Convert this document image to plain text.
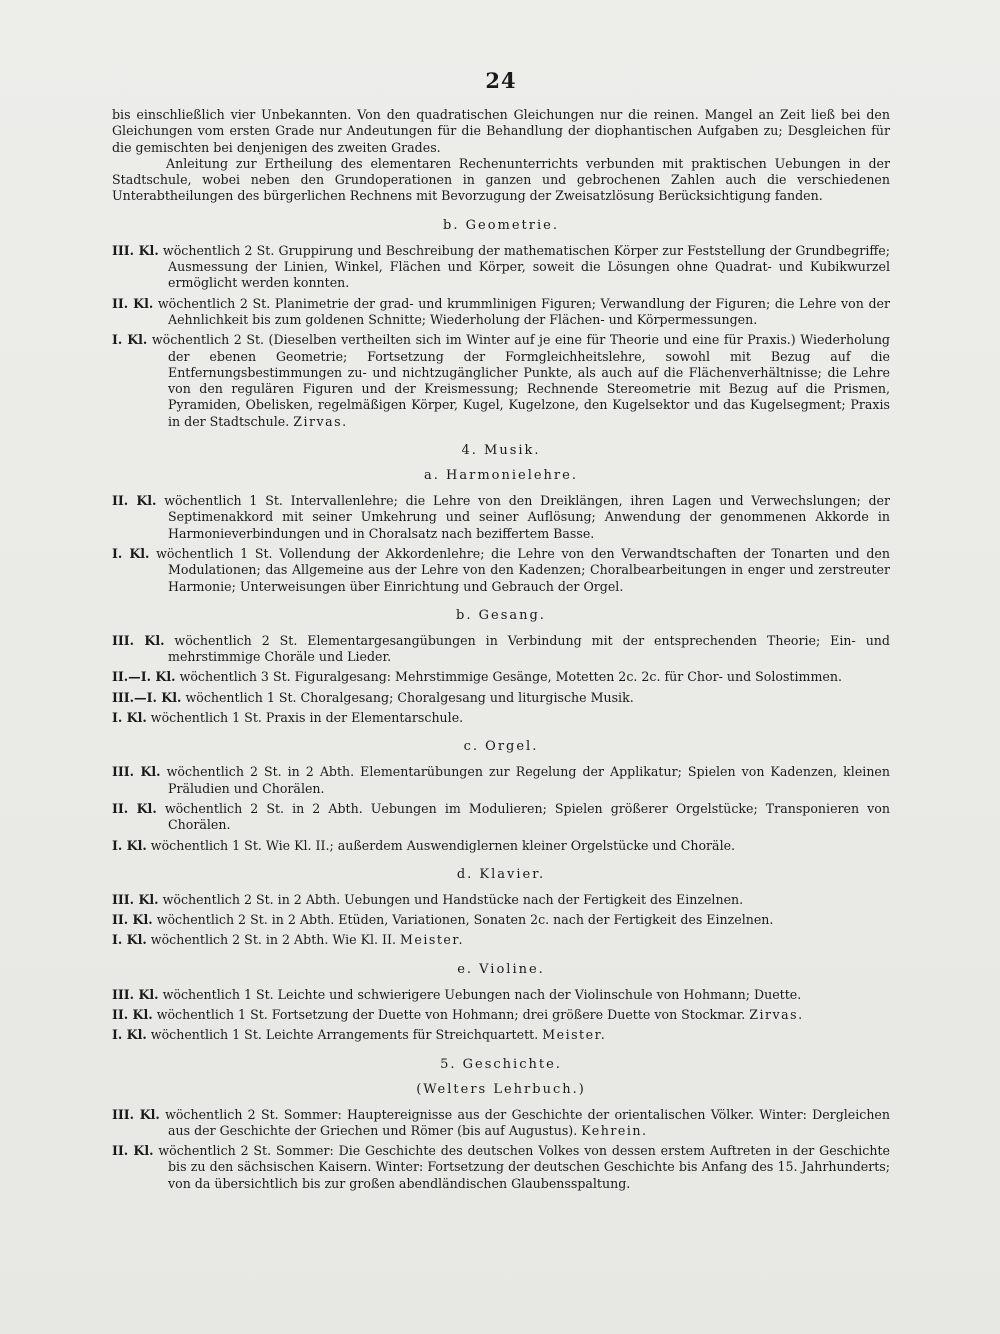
24

bis einschließlich vier Unbekannten. Von den quadratischen Gleichungen nur die reinen. Mangel an Zeit ließ bei den Gleichungen vom ersten Grade nur Andeutungen für die Behandlung der diophantischen Aufgaben zu; Desgleichen für die gemischten bei denjenigen des zweiten Grades.

Anleitung zur Ertheilung des elementaren Rechenunterrichts verbunden mit praktischen Uebungen in der Stadtschule, wobei neben den Grundoperationen in ganzen und gebrochenen Zahlen auch die verschiedenen Unterabtheilungen des bürgerlichen Rechnens mit Bevorzugung der Zweisatzlösung Berücksichtigung fanden.

b. Geometrie.

III. Kl. wöchentlich 2 St. Gruppirung und Beschreibung der mathematischen Körper zur Feststellung der Grundbegriffe; Ausmessung der Linien, Winkel, Flächen und Körper, soweit die Lösungen ohne Quadrat- und Kubikwurzel ermöglicht werden konnten.

II. Kl. wöchentlich 2 St. Planimetrie der grad- und krummlinigen Figuren; Verwandlung der Figuren; die Lehre von der Aehnlichkeit bis zum goldenen Schnitte; Wiederholung der Flächen- und Körpermessungen.

I. Kl. wöchentlich 2 St. (Dieselben vertheilten sich im Winter auf je eine für Theorie und eine für Praxis.) Wiederholung der ebenen Geometrie; Fortsetzung der Formgleichheitslehre, sowohl mit Bezug auf die Entfernungsbestimmungen zu- und nichtzugänglicher Punkte, als auch auf die Flächenverhältnisse; die Lehre von den regulären Figuren und der Kreismessung; Rechnende Stereometrie mit Bezug auf die Prismen, Pyramiden, Obelisken, regelmäßigen Körper, Kugel, Kugelzone, den Kugelsektor und das Kugelsegment; Praxis in der Stadtschule. Zirvas.

4. Musik.
a. Harmonielehre.

II. Kl. wöchentlich 1 St. Intervallenlehre; die Lehre von den Dreiklängen, ihren Lagen und Verwechslungen; der Septimenakkord mit seiner Umkehrung und seiner Auflösung; Anwendung der genommenen Akkorde in Harmonieverbindungen und in Choralsatz nach beziffertem Basse.

I. Kl. wöchentlich 1 St. Vollendung der Akkordenlehre; die Lehre von den Verwandtschaften der Tonarten und den Modulationen; das Allgemeine aus der Lehre von den Kadenzen; Choralbearbeitungen in enger und zerstreuter Harmonie; Unterweisungen über Einrichtung und Gebrauch der Orgel.

b. Gesang.

III. Kl. wöchentlich 2 St. Elementargesangübungen in Verbindung mit der entsprechenden Theorie; Ein- und mehrstimmige Choräle und Lieder.

II.—I. Kl. wöchentlich 3 St. Figuralgesang: Mehrstimmige Gesänge, Motetten 2c. 2c. für Chor- und Solostimmen.

III.—I. Kl. wöchentlich 1 St. Choralgesang; Choralgesang und liturgische Musik.

I. Kl. wöchentlich 1 St. Praxis in der Elementarschule.

c. Orgel.

III. Kl. wöchentlich 2 St. in 2 Abth. Elementarübungen zur Regelung der Applikatur; Spielen von Kadenzen, kleinen Präludien und Chorälen.

II. Kl. wöchentlich 2 St. in 2 Abth. Uebungen im Modulieren; Spielen größerer Orgelstücke; Transponieren von Chorälen.

I. Kl. wöchentlich 1 St. Wie Kl. II.; außerdem Auswendiglernen kleiner Orgelstücke und Choräle.

d. Klavier.

III. Kl. wöchentlich 2 St. in 2 Abth. Uebungen und Handstücke nach der Fertigkeit des Einzelnen.

II. Kl. wöchentlich 2 St. in 2 Abth. Etüden, Variationen, Sonaten 2c. nach der Fertigkeit des Einzelnen.

I. Kl. wöchentlich 2 St. in 2 Abth. Wie Kl. II. Meister.

e. Violine.

III. Kl. wöchentlich 1 St. Leichte und schwierigere Uebungen nach der Violinschule von Hohmann; Duette.

II. Kl. wöchentlich 1 St. Fortsetzung der Duette von Hohmann; drei größere Duette von Stockmar. Zirvas.

I. Kl. wöchentlich 1 St. Leichte Arrangements für Streichquartett. Meister.

5. Geschichte.
(Welters Lehrbuch.)

III. Kl. wöchentlich 2 St. Sommer: Hauptereignisse aus der Geschichte der orientalischen Völker. Winter: Dergleichen aus der Geschichte der Griechen und Römer (bis auf Augustus). Kehrein.

II. Kl. wöchentlich 2 St. Sommer: Die Geschichte des deutschen Volkes von dessen erstem Auftreten in der Geschichte bis zu den sächsischen Kaisern. Winter: Fortsetzung der deutschen Geschichte bis Anfang des 15. Jahrhunderts; von da übersichtlich bis zur großen abendländischen Glaubensspaltung.
